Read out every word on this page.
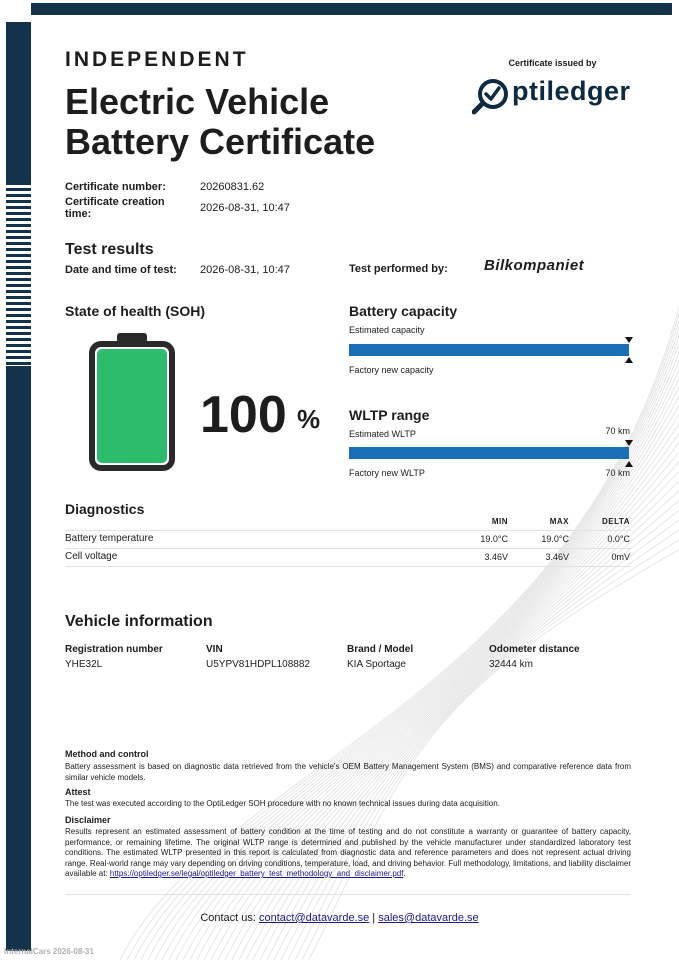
INDEPENDENT
Electric Vehicle
Battery Certificate
Certificate issued by
ptiledger
Certificate number:	20260831.62
Certificate creation
time:	2026-08-31, 10:47
Test results
Date and time of test: 2026-08-31, 10:47	Test performed by: Bilkompaniet
State of health (SOH)
100 %
Battery capacity
Estimated capacity
Factory new capacity
WLTP range
Estimated WLTP	70 km
Factory new WLTP	70 km
Diagnostics
MIN	MAX	DELTA
Battery temperature	19.0°C	19.0°C	0.0°C
Cell voltage	3.46V	3.46V	0mV
Vehicle information
Registration number
YHE32L
VIN
U5YPV81HDPL108882
Brand / Model
KIA Sportage
Odometer distance
32444 km
Method and control
Battery assessment is based on diagnostic data retrieved from the vehicle's OEM Battery Management System (BMS) and comparative reference data from similar vehicle models.
Attest
The test was executed according to the OptiLedger SOH procedure with no known technical issues during data acquisition.
Disclaimer
Results represent an estimated assessment of battery condition at the time of testing and do not constitute a warranty or guarantee of battery capacity, performance, or remaining lifetime. The original WLTP range is determined and published by the vehicle manufacturer under standardized laboratory test conditions. The estimated WLTP presented in this report is calculated from diagnostic data and reference parameters and does not represent actual driving range. Real-world range may vary depending on driving conditions, temperature, load, and driving behavior. Full methodology, limitations, and liability disclaimer available at: https://optiledger.se/legal/optiledger_battery_test_methodology_and_disclaimer.pdf.
Contact us: contact@datavarde.se | sales@datavarde.se
InternalCars 2026-08-31
